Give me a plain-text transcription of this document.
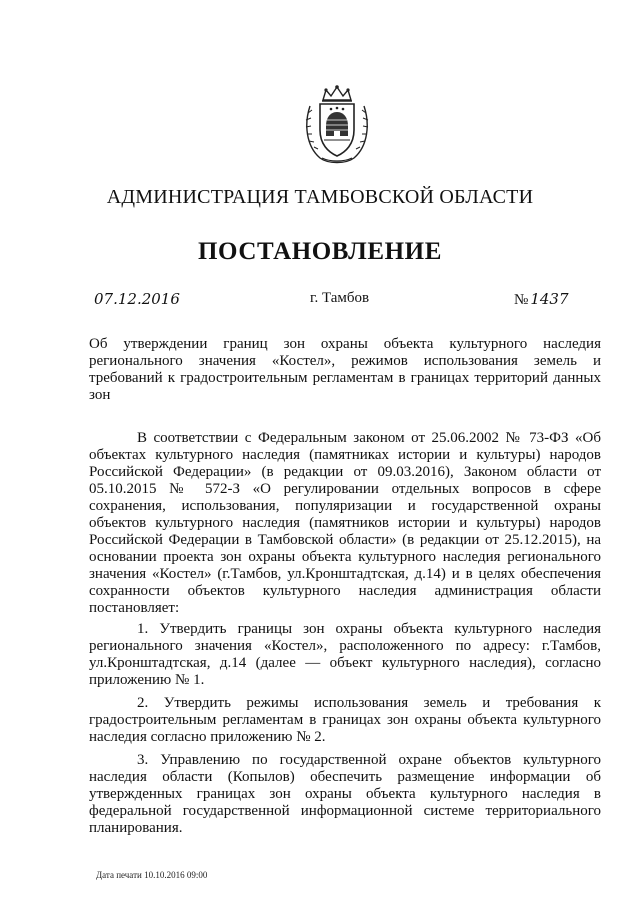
АДМИНИСТРАЦИЯ ТАМБОВСКОЙ ОБЛАСТИ
ПОСТАНОВЛЕНИЕ
07.12.2016	г. Тамбов	№ 1437
Об утверждении границ зон охраны объекта культурного наследия регионального значения «Костел», режимов использования земель и требований к градостроительным регламентам в границах территорий данных зон

В соответствии с Федеральным законом от 25.06.2002 № 73-ФЗ «Об объектах культурного наследия (памятниках истории и культуры) народов Российской Федерации» (в редакции от 09.03.2016), Законом области от 05.10.2015 № 572-З «О регулировании отдельных вопросов в сфере сохранения, использования, популяризации и государственной охраны объектов культурного наследия (памятников истории и культуры) народов Российской Федерации в Тамбовской области» (в редакции от 25.12.2015), на основании проекта зон охраны объекта культурного наследия регионального значения «Костел» (г.Тамбов, ул.Кронштадтская, д.14) и в целях обеспечения сохранности объектов культурного наследия администрация области постановляет:

1. Утвердить границы зон охраны объекта культурного наследия регионального значения «Костел», расположенного по адресу: г.Тамбов, ул.Кронштадтская, д.14 (далее — объект культурного наследия), согласно приложению № 1.

2. Утвердить режимы использования земель и требования к градостроительным регламентам в границах зон охраны объекта культурного наследия согласно приложению № 2.

3. Управлению по государственной охране объектов культурного наследия области (Копылов) обеспечить размещение информации об утвержденных границах зон охраны объекта культурного наследия в федеральной государственной информационной системе территориального планирования.

Дата печати 10.10.2016 09:00
